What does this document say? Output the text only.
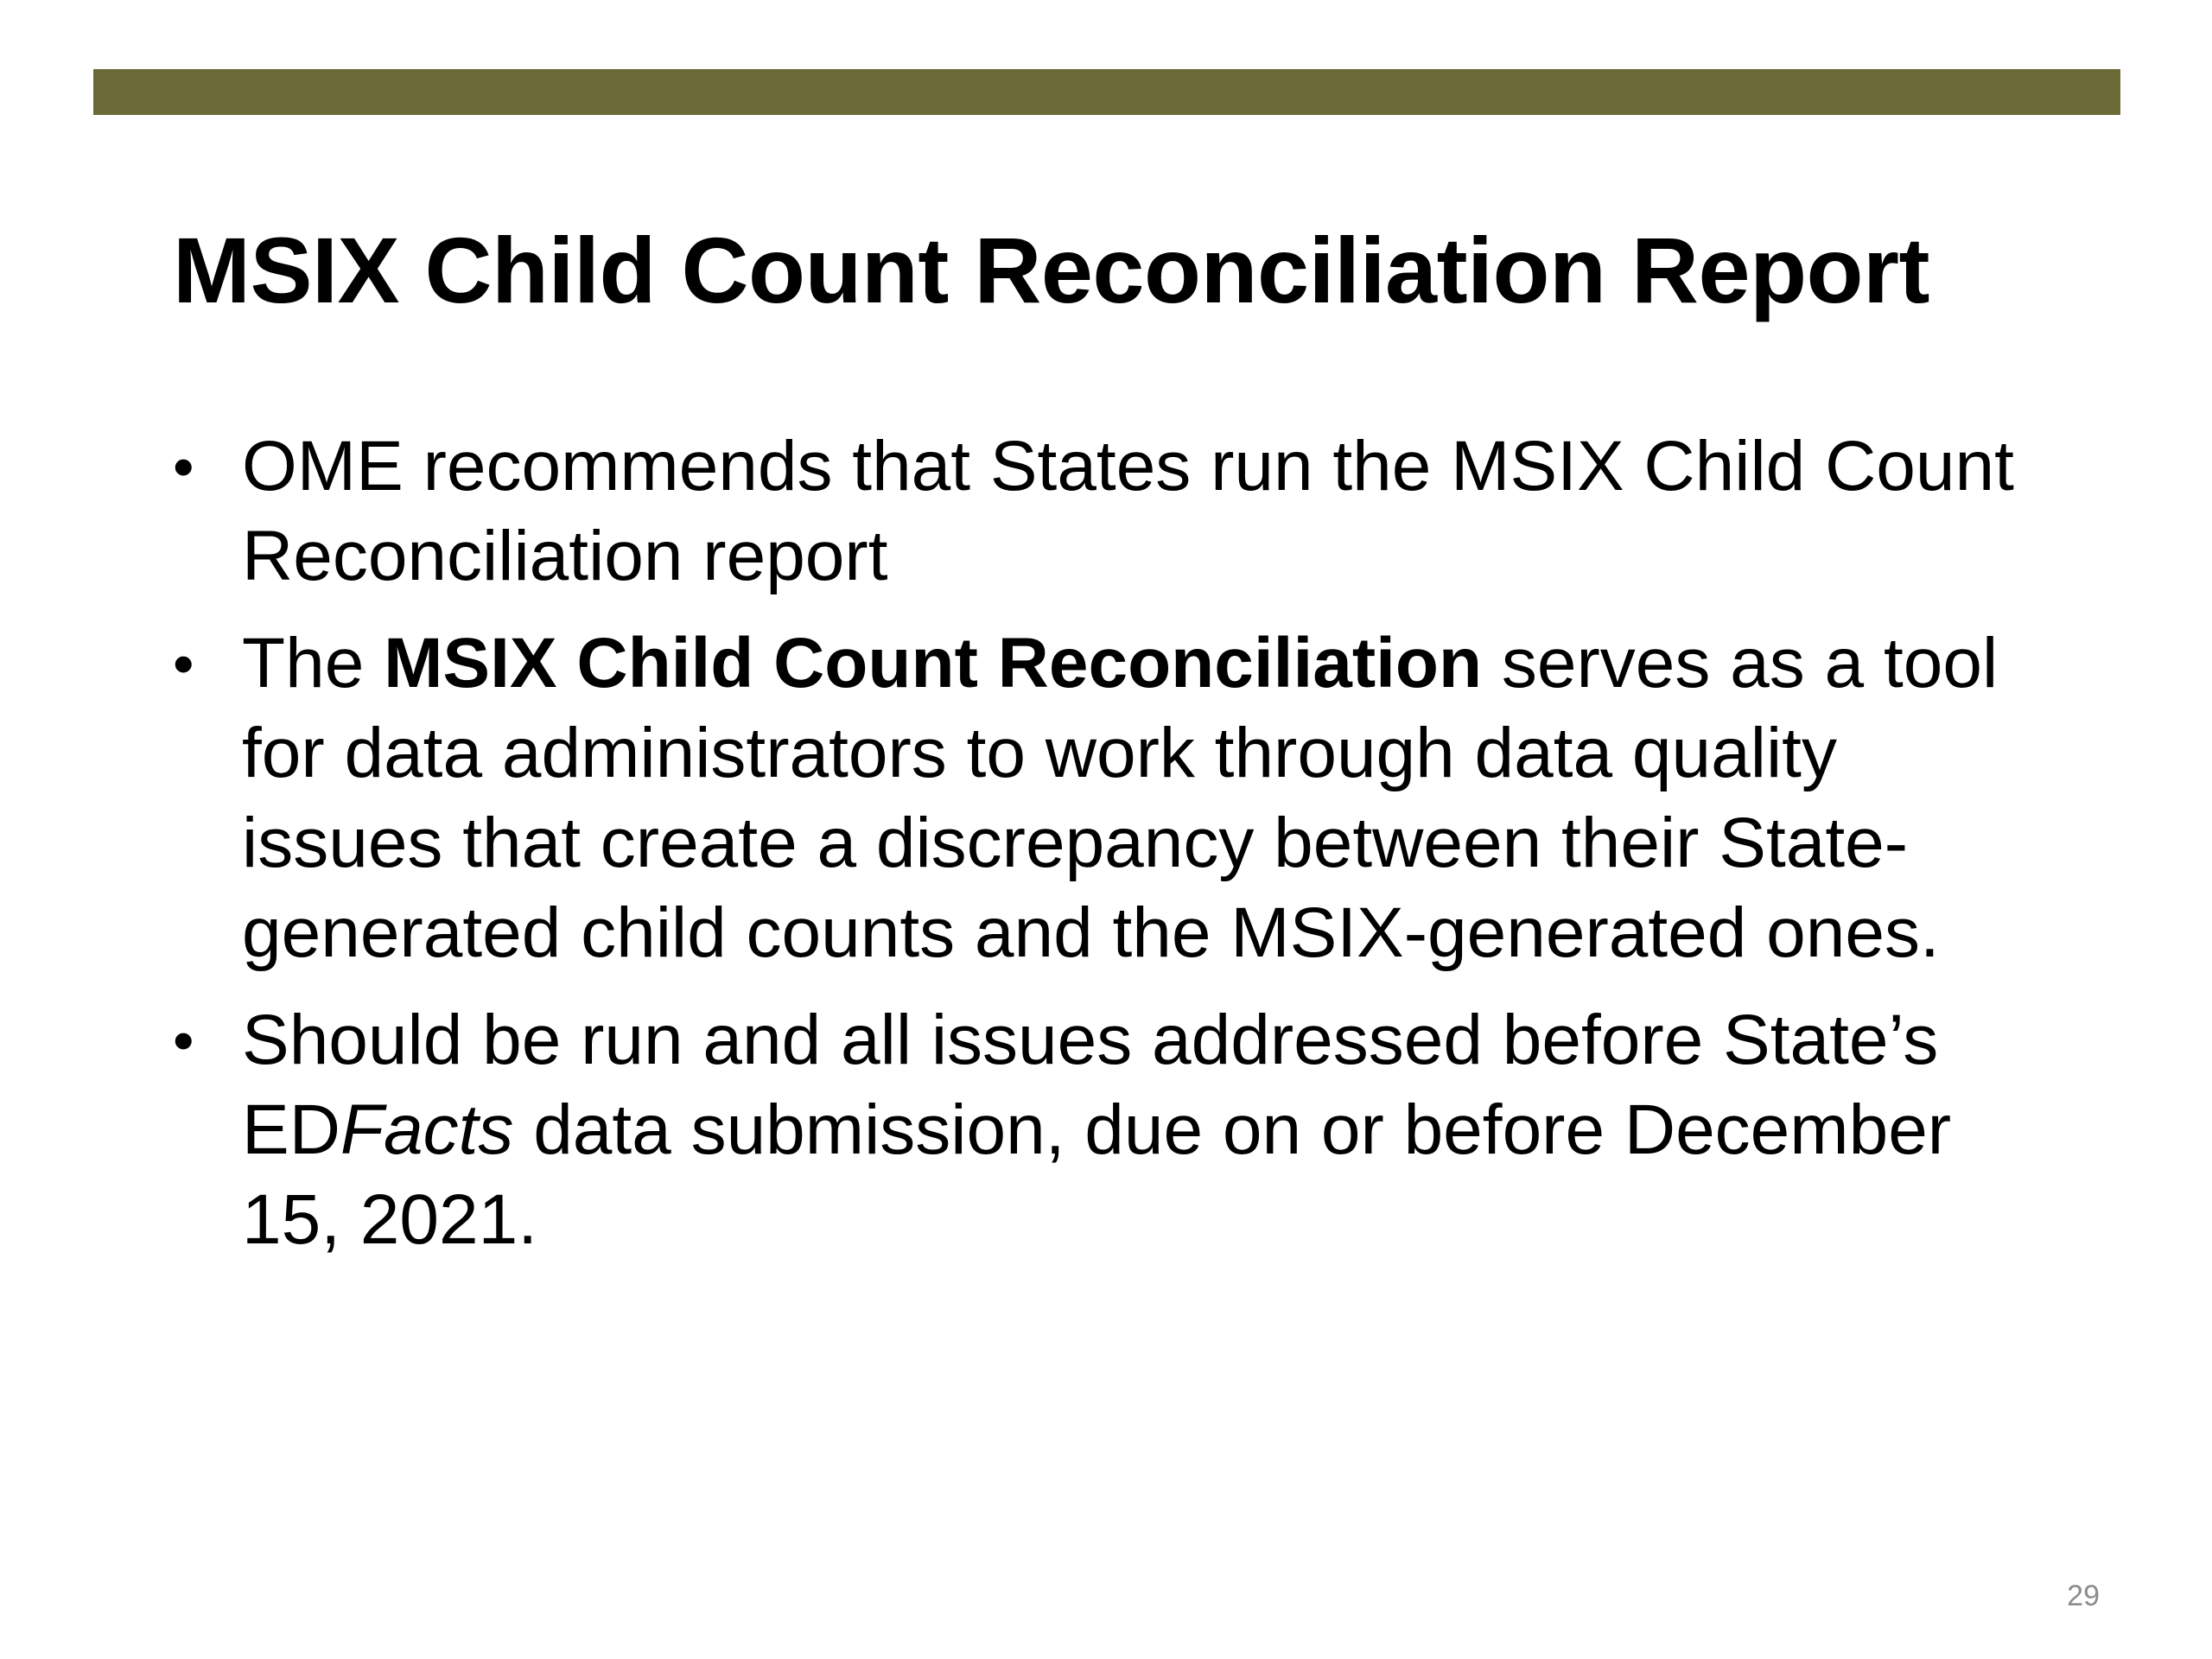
MSIX Child Count Reconciliation Report
• OME recommends that States run the MSIX Child Count Reconciliation report
• The MSIX Child Count Reconciliation serves as a tool for data administrators to work through data quality issues that create a discrepancy between their State-generated child counts and the MSIX-generated ones.
• Should be run and all issues addressed before State’s EDFacts data submission, due on or before December 15, 2021.
29
